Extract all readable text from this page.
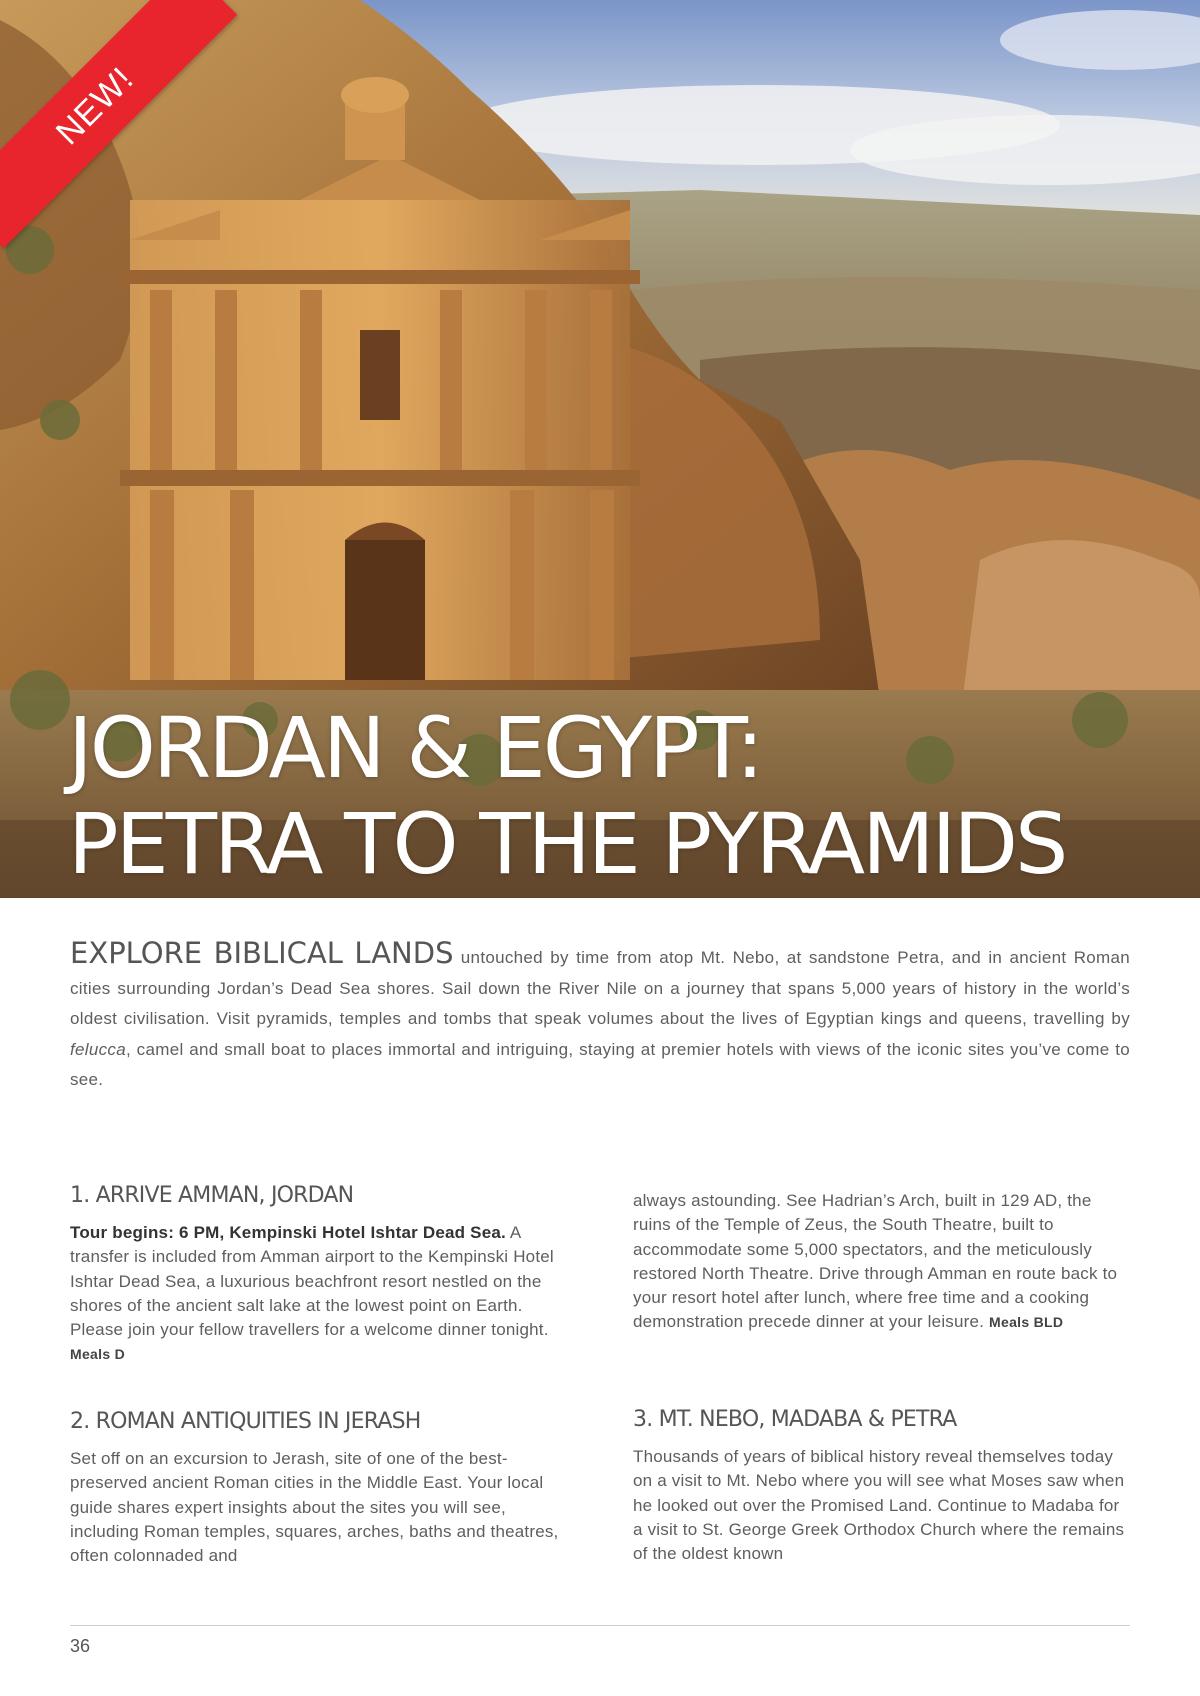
NEW!
JORDAN & EGYPT:
PETRA TO THE PYRAMIDS

EXPLORE BIBLICAL LANDS untouched by time from atop Mt. Nebo, at sandstone Petra, and in ancient Roman cities surrounding Jordan’s Dead Sea shores. Sail down the River Nile on a journey that spans 5,000 years of history in the world’s oldest civilisation. Visit pyramids, temples and tombs that speak volumes about the lives of Egyptian kings and queens, travelling by felucca, camel and small boat to places immortal and intriguing, staying at premier hotels with views of the iconic sites you’ve come to see.

1. ARRIVE AMMAN, JORDAN

Tour begins: 6 PM, Kempinski Hotel Ishtar Dead Sea. A transfer is included from Amman airport to the Kempinski Hotel Ishtar Dead Sea, a luxurious beachfront resort nestled on the shores of the ancient salt lake at the lowest point on Earth. Please join your fellow travellers for a welcome dinner tonight. Meals D

2. ROMAN ANTIQUITIES IN JERASH

Set off on an excursion to Jerash, site of one of the best-preserved ancient Roman cities in the Middle East. Your local guide shares expert insights about the sites you will see, including Roman temples, squares, arches, baths and theatres, often colonnaded and

always astounding. See Hadrian’s Arch, built in 129 AD, the ruins of the Temple of Zeus, the South Theatre, built to accommodate some 5,000 spectators, and the meticulously restored North Theatre. Drive through Amman en route back to your resort hotel after lunch, where free time and a cooking demonstration precede dinner at your leisure. Meals BLD

3. MT. NEBO, MADABA & PETRA

Thousands of years of biblical history reveal themselves today on a visit to Mt. Nebo where you will see what Moses saw when he looked out over the Promised Land. Continue to Madaba for a visit to St. George Greek Orthodox Church where the remains of the oldest known

36
